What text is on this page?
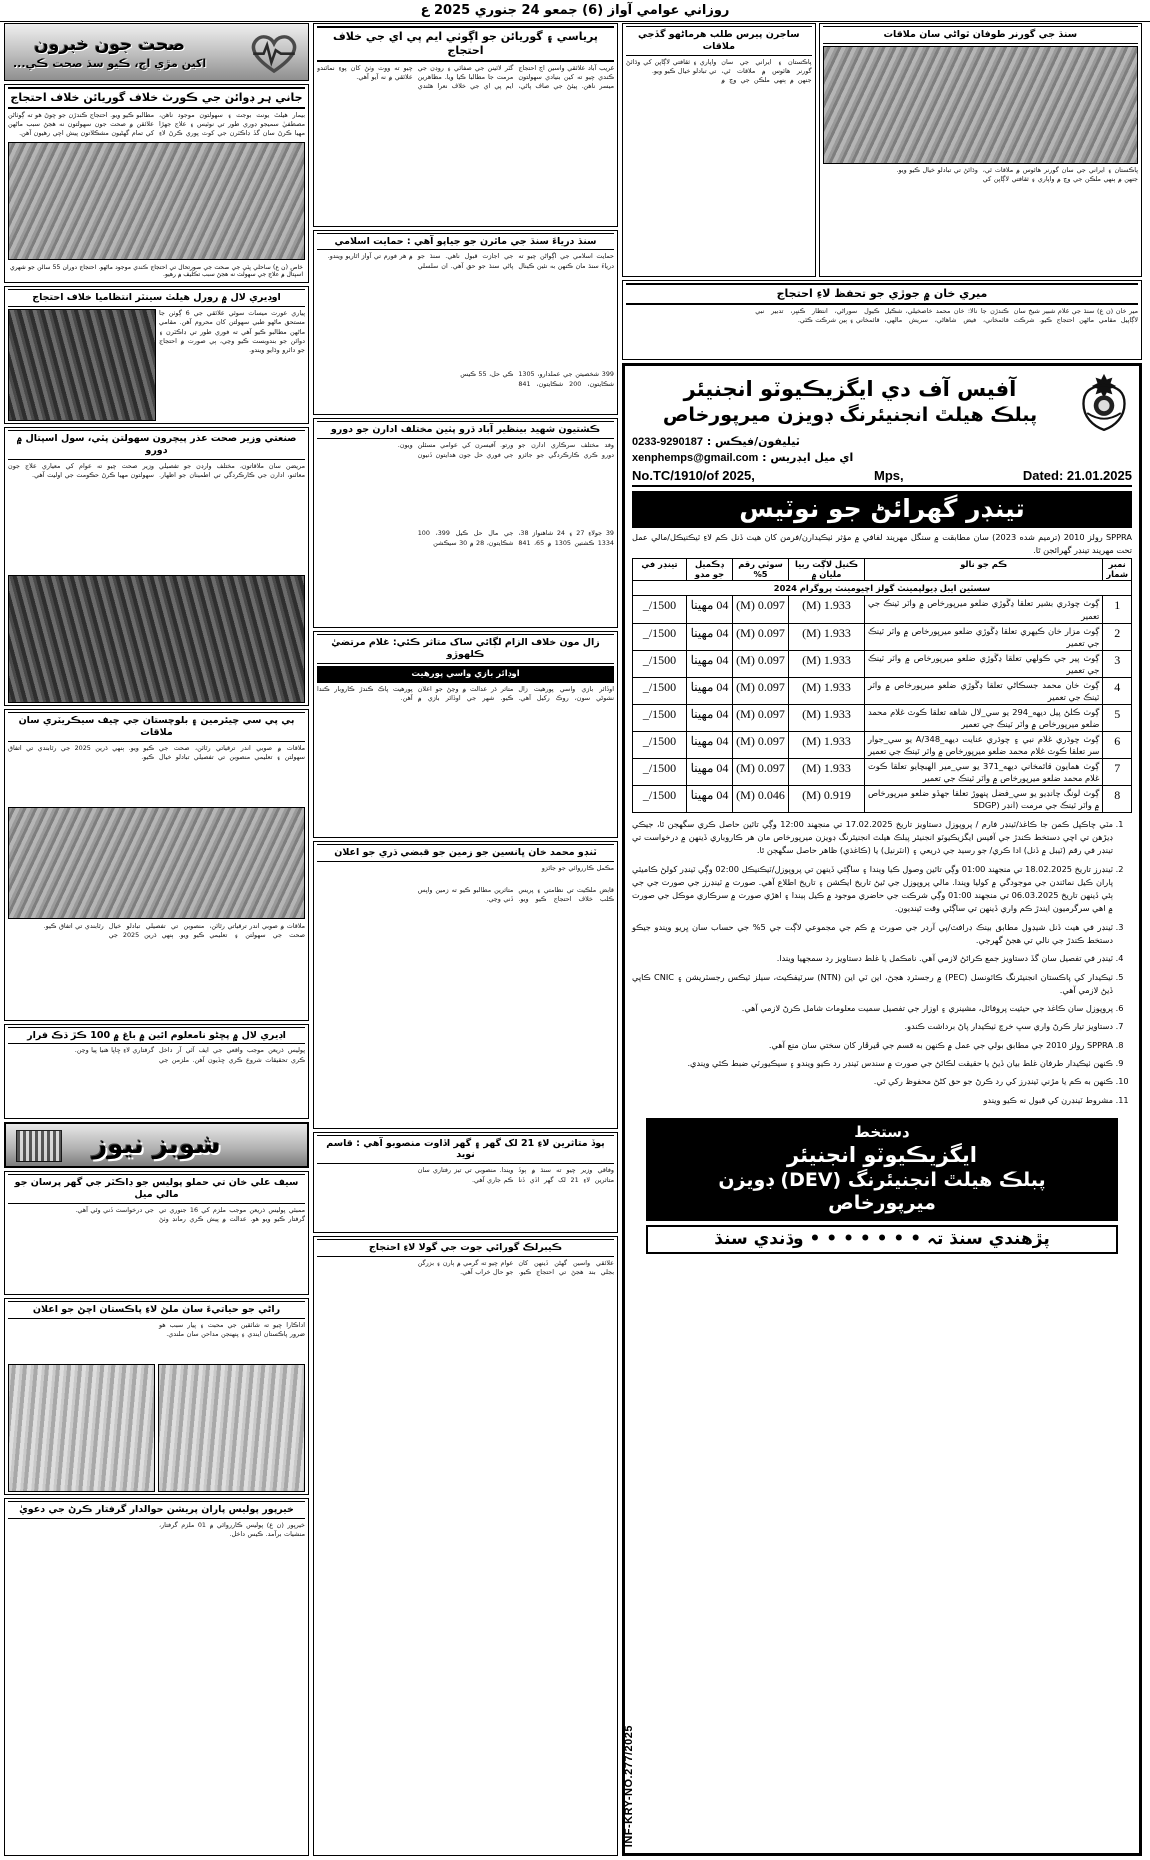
روزاني عوامي آواز (6) جمعو 24 جنوري 2025 ع
صحت جون خبرون
اکين مڙي اچ، ڪيو سڌ صحت ڪي...
جاني ہر ڊوائن جي ڪورٽ خلاف گوريائن خلاف احتجاج
بيمار هيلٿ يونٽ بوجٽ ۽ سهولتون موجود ناهن، مصطفيٰ سميجو ڊوري طور تي نوٽيس ۽ علاج جهڙا مهيا ڪرڻ سان گڏ ڊاڪٽرن جي کوٽ پوري ڪرڻ لاءِ مطالبو ڪيو ويو. احتجاج ڪندڙن جو چوڻ هو ته ڳوٺاڻن علائقن ۾ صحت جون سهولتون نه هجڻ سبب ماڻهن کي تمام گهڻيون مشڪلاتون پيش اچي رهيون آهن.
خاص (ن ع) ساحلي پٽي جي صحت جي صورتحال تي احتجاج ڪندي موجود ماڻهو. احتجاج دوران 55 سالن جو شهري اسپتال ۾ علاج جي سهولت نه هجڻ سبب تڪليف ۾ رهيو.
اوڊيري لال ۾ رورل هيلٿ سينٽر انتظاميا خلاف احتجاج
پياري عورت ميسات سوئي علائقي جي 6 ڳوٺن جا مستحق ماڻهو طبي سهولتن کان محروم آهن. مقامي ماڻهن مطالبو ڪيو آهي ته فوري طور تي ڊاڪٽرن ۽ دوائن جو بندوبست ڪيو وڃي، ٻي صورت ۾ احتجاج جو دائرو وڌايو ويندو.
صنعتي وزير صحت عذر پيچرون سهولتن پٽي، سول اسپتال ۾ دورو
مريضن سان ملاقاتون، مختلف وارڊن جو تفصيلي معائنو، ادارن جي ڪارڪردگي تي اطمينان جو اظهار. وزير صحت چيو ته عوام کي معياري علاج جون سهولتون مهيا ڪرڻ حڪومت جي اوليت آهي.
ٻي پي سي چيئرمين ۽ بلوچستان جي چيف سيڪريٽري سان ملاقات
ملاقات ۾ صوبي اندر ترقياتي رٿائن، صحت جي سهولتن ۽ تعليمي منصوبن تي تفصيلي تبادلو خيال ڪيو ويو. ٻنهي ڌرين 2025 جي رٿابندي تي اتفاق ڪيو.
ملاقات ۾ صوبي اندر ترقياتي رٿائن، صحت جي سهولتن ۽ تعليمي منصوبن تي تفصيلي تبادلو خيال ڪيو ويو. ٻنهي ڌرين 2025 جي رٿابندي تي اتفاق ڪيو.
اڊيري لال ۾ پڇڻو نامعلوم ائين ۾ باغ ۾ 100 ڪڙ ڌڪ فرار
پوليس ذريعن موجب واقعي جي ايف آئي آر داخل ڪري تحقيقات شروع ڪري ڇڏيون آهن. ملزمن جي گرفتاري لاءِ ڇاپا هنيا پيا وڃن.
شوبز نيوز
سيف علي خان تي حملو پوليس جو ڊاڪٽر جي گهر پرسان جو مالي ميل
ممبئي پوليس ذريعن موجب ملزم کي 16 جنوري تي گرفتار ڪيو ويو هو. عدالت ۾ پيش ڪري رمانڊ وٺڻ جي درخواست ڏني وئي آهي.
راڻي جو حياتيءَ سان ملڻ لاءِ پاڪستان اچڻ جو اعلان
اداڪارا چيو ته شائقين جي محبت ۽ پيار سبب هو ضرور پاڪستان ايندي ۽ پنهنجن مداحن سان ملندي.
خيرپور پوليس پاران پريشن حوالدار گرفتار ڪرڻ جي دعويٰ
خيرپور (ن ع) پوليس ڪارروائي ۾ 01 ملزم گرفتار، منشيات برآمد. ڪيس داخل.
پرياسي ۽ گوريائن جو اڳوٺي ايم پي اي جي خلاف احتجاج
غريب آباد علائقي واسين اڄ احتجاج ڪندي چيو ته کين بنيادي سهولتون ميسر ناهن. پيئڻ جي صاف پاڻي، گٽر لائينن جي صفائي ۽ روڊن جي مرمت جا مطالبا ڪيا ويا. مظاهرين ايم پي اي جي خلاف نعرا هڻندي چيو ته ووٽ وٺڻ کان پوءِ نمائندو علائقي ۾ نه آيو آهي.
سنڌ درياءَ سنڌ جي ماٿرن جو جياپو آهي : حمايت اسلامي
حمايت اسلامي جي اڳواڻن چيو ته درياءَ سنڌ مان ڪنهن به نئين ڪينال جي اجازت قبول ناهي. سنڌ جو پاڻي سنڌ جو حق آهي. ان سلسلي ۾ هر فورم تي آواز اٿاريو ويندو.
399 شخصيتن جي عملدارو، 1305 شڪايتون، 200 شڪايتون، 841 ڪي حل، 55 ڪيس
ڪشتيون شهيد بينظير آباد ڌرو پٺين مختلف ادارن جو دورو
وفد مختلف سرڪاري ادارن جو دورو ڪري ڪارڪردگي جو جائزو ورتو. آفيسرن کي عوامي مسئلن جي فوري حل جون هدايتون ڏنيون ويون.
39 جولاءِ 27 ۽ 24 شاهنواز 38، 1334 ڪشتين 1305 ۾ 65، 841 جي مال حل ڪيل 399، 100 شڪايتون، 28 ۾ 30 سيڪشن
زال مون خلاف الزام لڳائي ساک متاثر ڪئي: غلام مرتضيٰ ڪلهوڙو
اوڊائر بازي واسي پورهيت
اوڏائر بازي واسي پورهيت زال نشوڻي سون، روڪ رکيل آهي. متاثر ڌر عدالت ۾ وڃڻ جو اعلان ڪيو. شهر جي اوڏائر بازي ۾ پورهيت پاڪ ڪندڙ ڪاروبار ڪندا آهن.
ٽنڊو محمد خان ڀانسين جو زمين جو قبضي ڌري جو اعلان
مڪمل ڪارروائي جو جائزو
قابض ملڪيت تي نظامتي ۽ پريس ڪلب خلاف احتجاج ڪيو ويو. متاثرين مطالبو ڪيو ته زمين واپس ڏني وڃي.
ٻوڏ متاثرين لاءِ 21 لک گهر ۽ گهر اڏاوت منصوبو آهي : قاسم نويد
وفاقي وزير چيو ته سنڌ ۾ ٻوڏ متاثرين لاءِ 21 لک گهر اڏي ڏنا ويندا. منصوبي تي تيز رفتاري سان ڪم جاري آهي.
ڪيبرلڪ گورائي جوت جي گولا لاءِ احتجاج
علائقي واسين گهڻن ڏينهن کان بجلي بند هجڻ تي احتجاج ڪيو. عوام چيو ته گرمي ۾ ٻارن ۽ بزرگن جو حال خراب آهي.
سنڌ جي گورنر طوفان ٿواڻي سان ملاقات
پاڪستان ۽ ايراني جي سان گورنر هائوس ۾ ملاقات ٿي، جنهن ۾ ٻنهي ملڪن جي وچ ۾ واپاري ۽ ثقافتي لاڳاپن کي وڌائڻ تي تبادلو خيال ڪيو ويو.
ساجرن پيرس طلب هرماڻهو گڏجي ملاقات
پاڪستان ۽ ايراني جي سان گورنر هائوس ۾ ملاقات ٿي، جنهن ۾ ٻنهي ملڪن جي وچ ۾ واپاري ۽ ثقافتي لاڳاپن کي وڌائڻ تي تبادلو خيال ڪيو ويو.
ميري خان ۾ جوڙي جو تحفظ لاءِ احتجاج
مير خان (ن ع) سنڌ جي غلام شبير شيخ سان لاڳاپيل مقامي ماڻهن احتجاج ڪيو. شرڪت ڪندڙن جا نالا: خان محمد خاصخيلي، شڪيل قائمخاني، فيض شاهاڻي، سريش مالهي، ڪيول سوراڻي، انتظار ڪنڀر، تدبير نبي قائمخاني ۽ ٻين شرڪت ڪئي.
آفيس آف دي ايگزيڪيوٽو انجنيئر
پبلڪ هيلٿ انجنيئرنگ ڊويزن ميرپورخاص
ٽيليفون/فيڪس : 0233-9290187
اي ميل ايڊريس : xenphemps@gmail.com
No.TC/1910/of 2025,	Mps,	Dated: 21.01.2025
تينڊر گهرائڻ جو نوٽيس
SPPRA رولز 2010 (ترميم شده 2023) سان مطابقت ۾ سنگل مهريند لفافي ۾ مؤثر ٺيڪيدارن/فرمن کان هيٺ ڏنل ڪم لاءِ ٽيڪنيڪل/مالي عمل تحت مهريند تينڊر گهرائجن ٿا.
نمبر شمار	ڪم جو نالو	ڪنيل لاڳت ربيا مليان ۾	سوٽي رقم 5%	ڊڪميل جو مدو	تينڊر في
سسٽين ايبل ڊيولپمينٽ گولز اچيومينٽ پروگرام 2024					
1	ڳوٺ چوڌري بشير تعلقا ڍڱوڙي ضلعو ميرپورخاص ۾ واٽر ٽينڪ جي تعمير	1.933 (M)	0.097 (M)	04 مهينا	1500/_
2	ڳوٺ مزار خان ڪيهري تعلقا ڍڱوڙي ضلعو ميرپورخاص ۾ واٽر ٽينڪ جي تعمير	1.933 (M)	0.097 (M)	04 مهينا	1500/_
3	ڳوٺ پير جي ڪولهي تعلقا ڍڱوڙي ضلعو ميرپورخاص ۾ واٽر ٽينڪ جي تعمير	1.933 (M)	0.097 (M)	04 مهينا	1500/_
4	ڳوٺ خان محمد جسڪاڻي تعلقا ڍڱوڙي ضلعو ميرپورخاص ۾ واٽر ٽينڪ جي تعمير	1.933 (M)	0.097 (M)	04 مهينا	1500/_
5	ڳوٺ ڪلڻ پيل ديهه_294 يو سي_لال شاهه تعلقا ڪوٽ غلام محمد ضلعو ميرپورخاص ۾ واٽر ٽينڪ جي تعمير	1.933 (M)	0.097 (M)	04 مهينا	1500/_
6	ڳوٺ چوڌري غلام نبي ۽ چوڌري عنايت ديهه_348/A يو سي_جوار سر تعلقا ڪوٽ غلام محمد ضلعو ميرپورخاص ۾ واٽر ٽينڪ جي تعمير	1.933 (M)	0.097 (M)	04 مهينا	1500/_
7	ڳوٺ همايون قائمخاني ديهه_371 يو سي_مير الهبچايو تعلقا ڪوٽ غلام محمد ضلعو ميرپورخاص ۾ واٽر ٽينڪ جي تعمير	1.933 (M)	0.097 (M)	04 مهينا	1500/_
8	ڳوٺ لونگ چانڊيو يو سي_فضل پنهوڙ تعلقا جهڏو ضلعو ميرپورخاص ۾ واٽر ٽينڪ جي مرمت (انڊر (SDGP	0.919 (M)	0.046 (M)	04 مهينا	1500/_
1. مٽي چاڪپل ڪمن جا ڪاغذ/ٽينڊر فارم / پروپوزل دستاويز تاريخ 17.02.2025 تي منجهند 12:00 وڳي تائين حاصل ڪري سگهجن ٿا، جيڪي ڊيڙهن تي اچي دستخط ڪندڙ جي آفيس ايگزيڪيوٽو انجنيئر پبلڪ هيلٿ انجنيئرنگ ڊويزن ميرپورخاص مان هر ڪاروباري ڏينهن ۾ درخواست تي تينڊر في رقم (ٽيبل ۾ ڏنل) ادا ڪري/ جو رسيد جي ذريعي ۽ (انٽرنيل) يا (ڪاغذي) ظاهر حاصل سگهجن ٿا.
2. ٽينڊرز تاريخ 18.02.2025 تي منجهند 01:00 وڳي تائين وصول ڪيا ويندا ۽ ساڳئي ڏينهن تي پروپوزل/ٽيڪنيڪل 02:00 وڳي ٽينڊر کولڻ ڪاميٽي پاران ڪيل نمائندن جي موجودگي ۾ کوليا ويندا. مالي پروپوزل جي ٿيڻ تاريخ ايڪشن ۽ تاريخ اطلاع آهي. صورت ۾ ٽينڊرز جي صورت جي جي ٻئي ڏينهن تاريخ 06.03.2025 تي منجهند 01:00 وڳي شرڪت جي حاضري موجود ۾ ڪيل ٻيندا ۽ اهڙي صورت ۾ سرڪاري موڪل جي صورت ۾ اهي سرگرميون ايندڙ ڪم واري ڏينهن تي ساڳئي وقت ٿينديون.
3. ٽينڊر في هيٺ ڏنل شيڊول مطابق بينڪ ڊرافٽ/پي آرڊر جي صورت ۾ ڪم جي مجموعي لاڳت جي 5% جي حساب سان ڀريو ويندو جيڪو دستخط ڪندڙ جي نالي تي هجڻ گهرجي.
4. ٽينڊر في تفصيل سان گڏ دستاويز جمع ڪرائڻ لازمي آهي. نامڪمل يا غلط دستاويز رد سمجهيا ويندا.
5. ٺيڪيدار کي پاڪستان انجنيئرنگ ڪائونسل (PEC) ۾ رجسٽرڊ هجڻ، اين ٽي اين (NTN) سرٽيفڪيٽ، سيلز ٽيڪس رجسٽريشن ۽ CNIC ڪاپي ڏيڻ لازمي آهي.
6. پروپوزل سان ڪاغذ جي حيثيت پروفائل، مشينري ۽ اوزار جي تفصيل سميت معلومات شامل ڪرڻ لازمي آهي.
7. دستاويز تيار ڪرڻ واري سڀ خرچ ٺيڪيدار پاڻ برداشت ڪندو.
8. SPPRA رولز 2010 جي مطابق بولي جي عمل ۾ ڪنهن به قسم جي ڦيرڦار کان سختي سان منع آهي.
9. ڪنهن ٺيڪيدار طرفان غلط بيان ڏيڻ يا حقيقت لڪائڻ جي صورت ۾ سندس ٽينڊر رد ڪيو ويندو ۽ سيڪيورٽي ضبط ڪئي ويندي.
10. ڪنهن به ڪم يا مڙني ٽينڊرز کي رد ڪرڻ جو حق کڻڻ محفوظ رکي ٿي.
11. مشروط ٽينڊرن کي قبول نه ڪيو ويندو
دستخط
ايگزيڪيوٽو انجنيئر
پبلڪ هيلٿ انجنيئرنگ (DEV) ڊويزن
ميرپورخاص
پڙهندي سنڌ تہ • • • • • • • وڌندي سنڌ
INF-KRY-NO.277/2025
